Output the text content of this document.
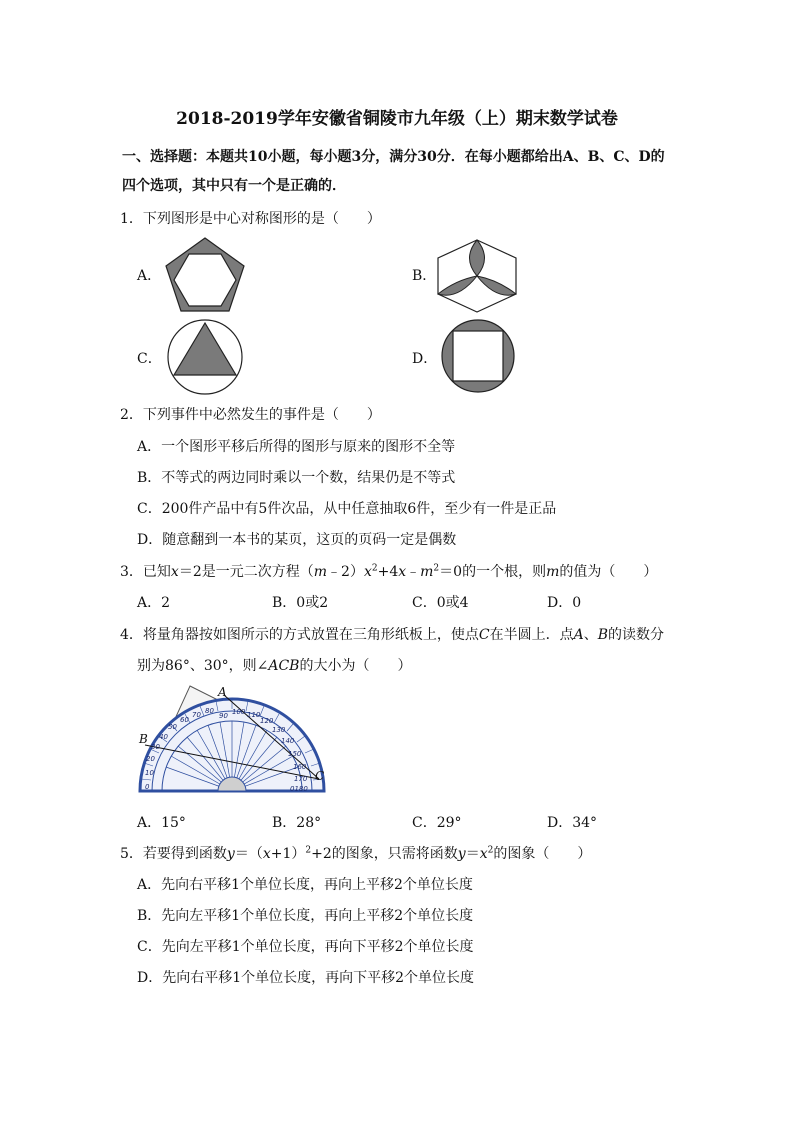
2018-2019学年安徽省铜陵市九年级（上）期末数学试卷
一、选择题：本题共10小题，每小题3分，满分30分．在每小题都给出A、B、C、D的
四个选项，其中只有一个是正确的．
1．下列图形是中心对称图形的是（　　）
A．	B．
C．	D．
2．下列事件中必然发生的事件是（　　）
A．一个图形平移后所得的图形与原来的图形不全等
B．不等式的两边同时乘以一个数，结果仍是不等式
C．200件产品中有5件次品，从中任意抽取6件，至少有一件是正品
D．随意翻到一本书的某页，这页的页码一定是偶数
3．已知x＝2是一元二次方程$(m﹣2)x^2+4x﹣m^2=0$的一个根，则m的值为（　　）
A．2	B．0或2	C．0或4	D．0
4．将量角器按如图所示的方式放置在三角形纸板上，使点C在半圆上．点A、B的读数分
别为86°、30°，则∠ACB的大小为（　　）
0
10
20
30
40
50
60
70 80
90 100 110
120
130
140
150
160
170
0180
A
B
C
A．15°	B．28°	C．29°	D．34°
5．若要得到函数$y=(x+1)^2+2$的图象，只需将函数$y=x^2$的图象（　　）
A．先向右平移1个单位长度，再向上平移2个单位长度
B．先向左平移1个单位长度，再向上平移2个单位长度
C．先向左平移1个单位长度，再向下平移2个单位长度
D．先向右平移1个单位长度，再向下平移2个单位长度
